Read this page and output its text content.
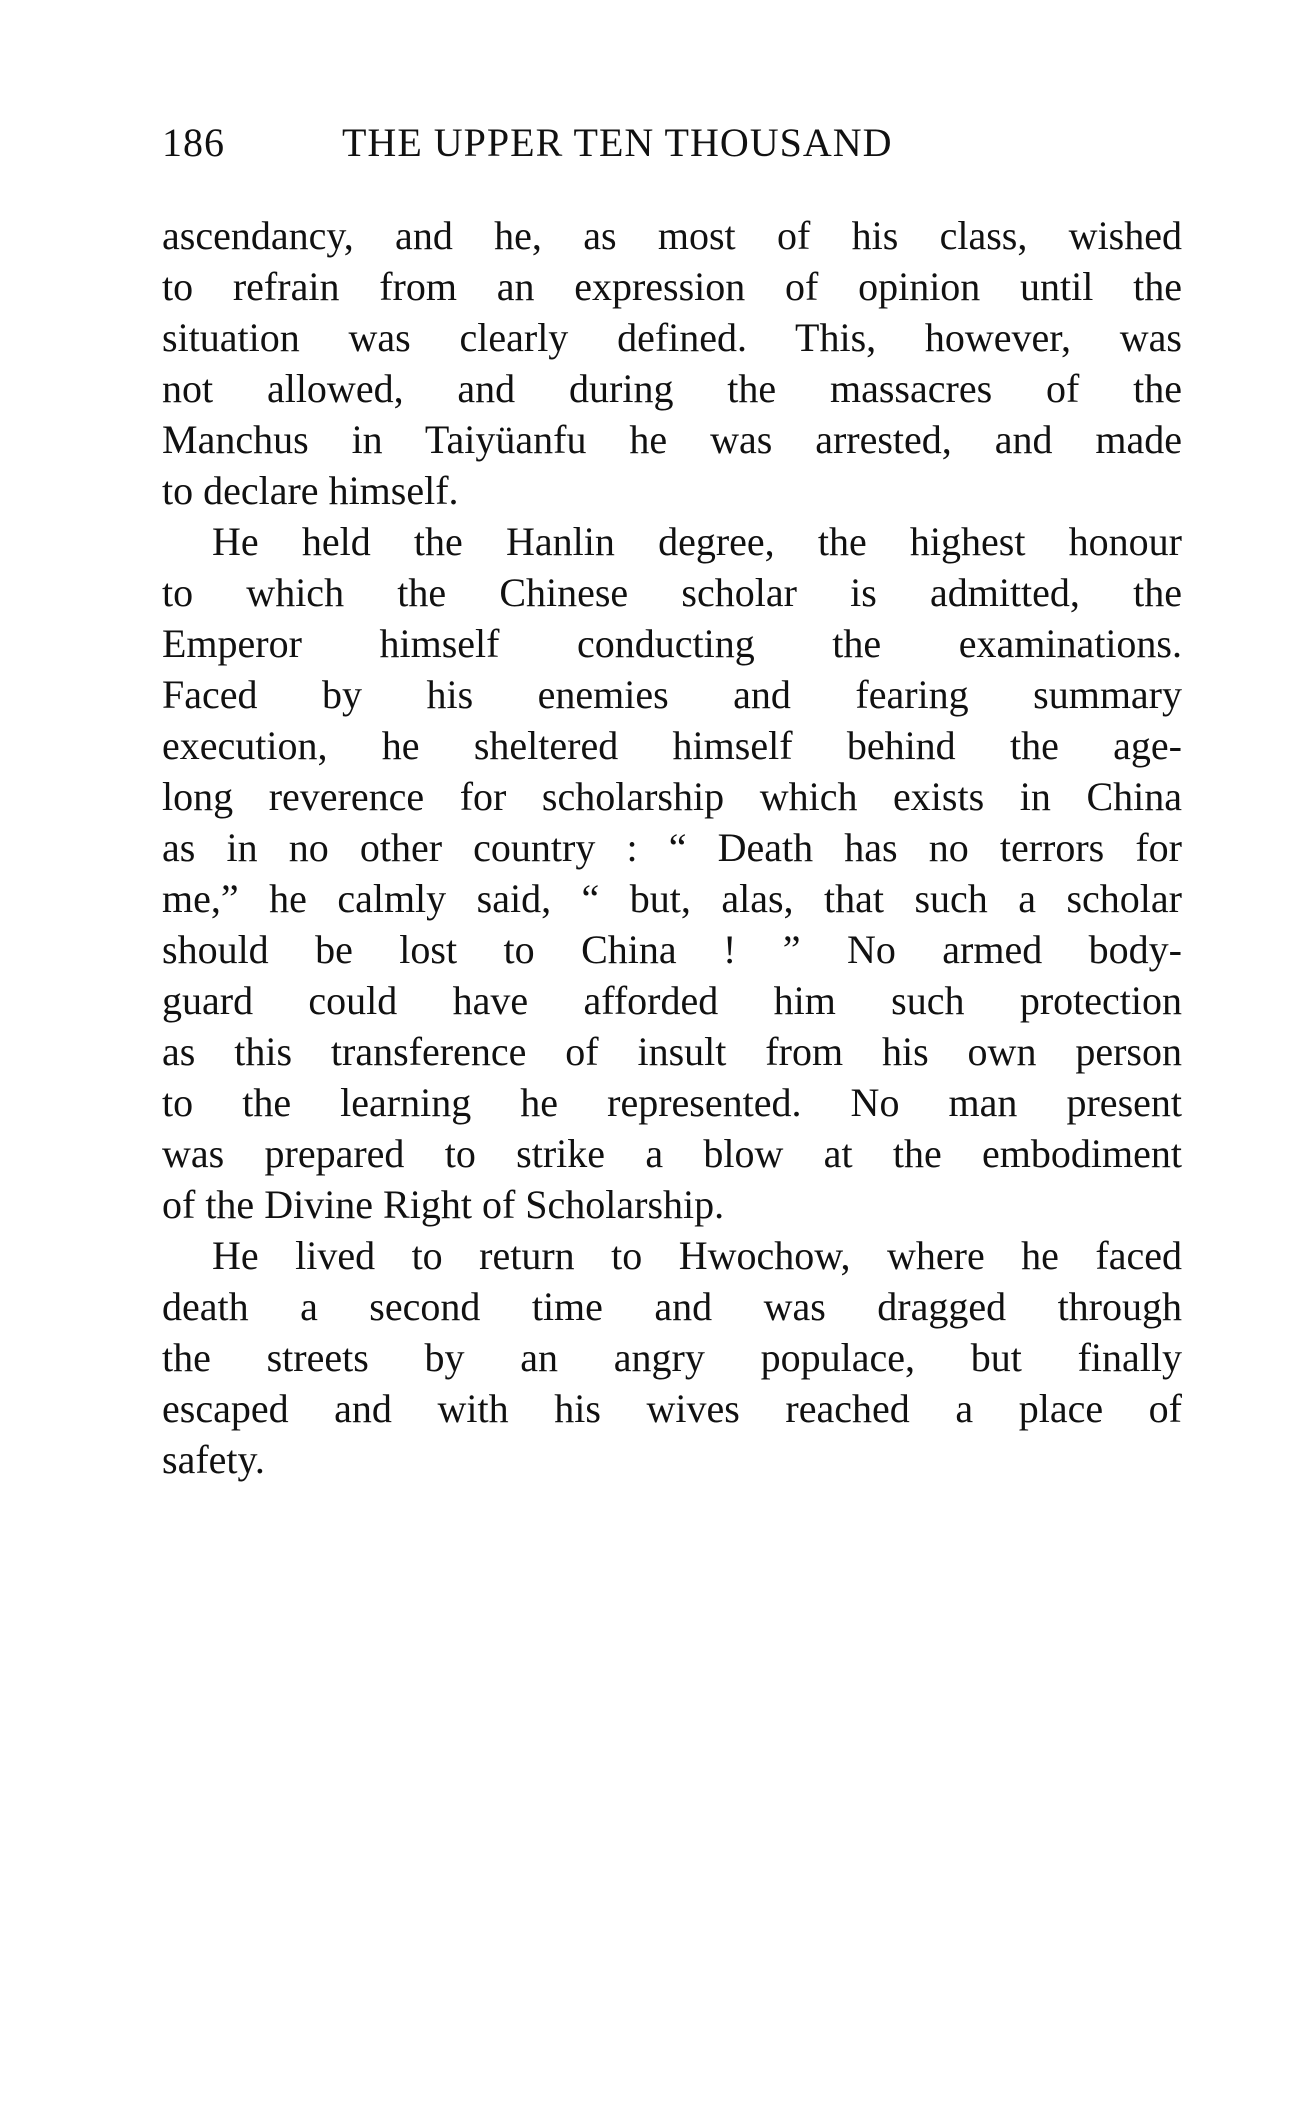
186	THE UPPER TEN THOUSAND
ascendancy, and he, as most of his class, wished
to refrain from an expression of opinion until the
situation was clearly defined. This, however, was
not allowed, and during the massacres of the
Manchus in Taiyüanfu he was arrested, and made
to declare himself.
He held the Hanlin degree, the highest honour
to which the Chinese scholar is admitted, the
Emperor himself conducting the examinations.
Faced by his enemies and fearing summary
execution, he sheltered himself behind the age-
long reverence for scholarship which exists in China
as in no other country : “ Death has no terrors for
me,” he calmly said, “ but, alas, that such a scholar
should be lost to China ! ” No armed body-
guard could have afforded him such protection
as this transference of insult from his own person
to the learning he represented. No man present
was prepared to strike a blow at the embodiment
of the Divine Right of Scholarship.
He lived to return to Hwochow, where he faced
death a second time and was dragged through
the streets by an angry populace, but finally
escaped and with his wives reached a place of
safety.
